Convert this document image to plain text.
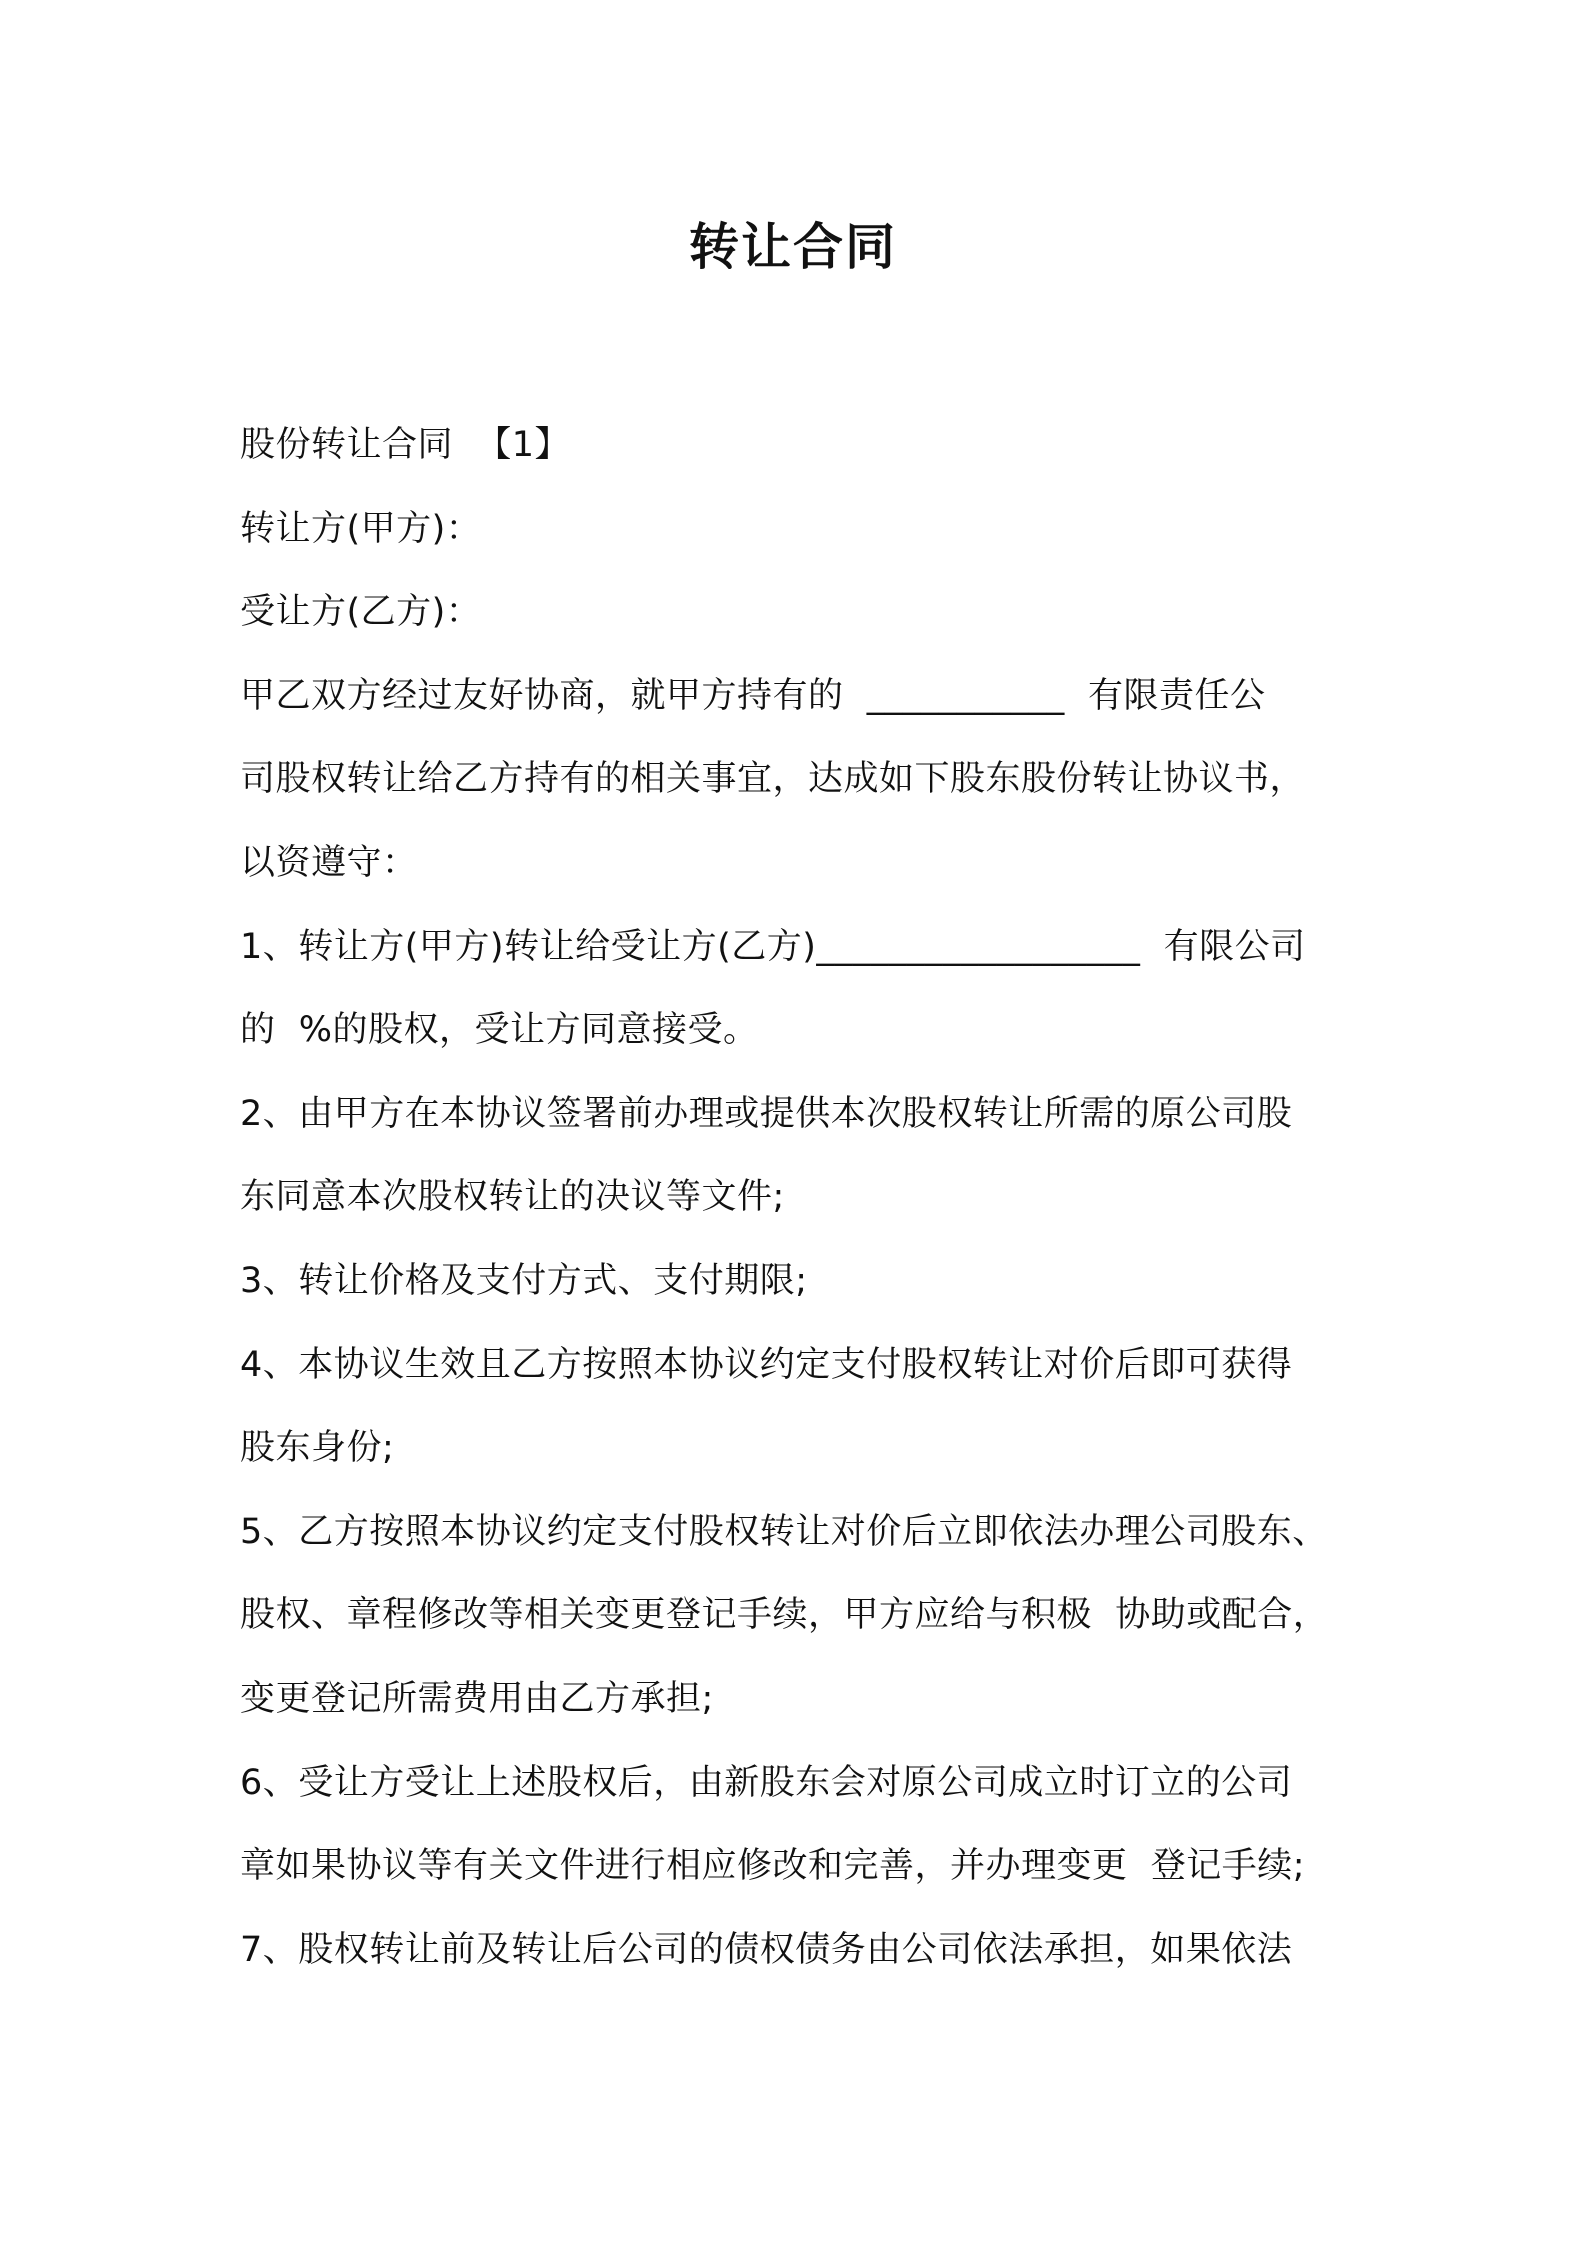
转让合同
股份转让合同  【1】
转让方(甲方)：
受让方(乙方)：
甲乙双方经过友好协商，就甲方持有的  ___________  有限责任公
司股权转让给乙方持有的相关事宜，达成如下股东股份转让协议书，
以资遵守：
1、转让方(甲方)转让给受让方(乙方)__________________  有限公司
的  %的股权，受让方同意接受。
2、由甲方在本协议签署前办理或提供本次股权转让所需的原公司股
东同意本次股权转让的决议等文件;
3、转让价格及支付方式、支付期限;
4、本协议生效且乙方按照本协议约定支付股权转让对价后即可获得
股东身份;
5、乙方按照本协议约定支付股权转让对价后立即依法办理公司股东、
股权、章程修改等相关变更登记手续，甲方应给与积极  协助或配合，
变更登记所需费用由乙方承担;
6、受让方受让上述股权后，由新股东会对原公司成立时订立的公司
章如果协议等有关文件进行相应修改和完善，并办理变更  登记手续;
7、股权转让前及转让后公司的债权债务由公司依法承担，如果依法
